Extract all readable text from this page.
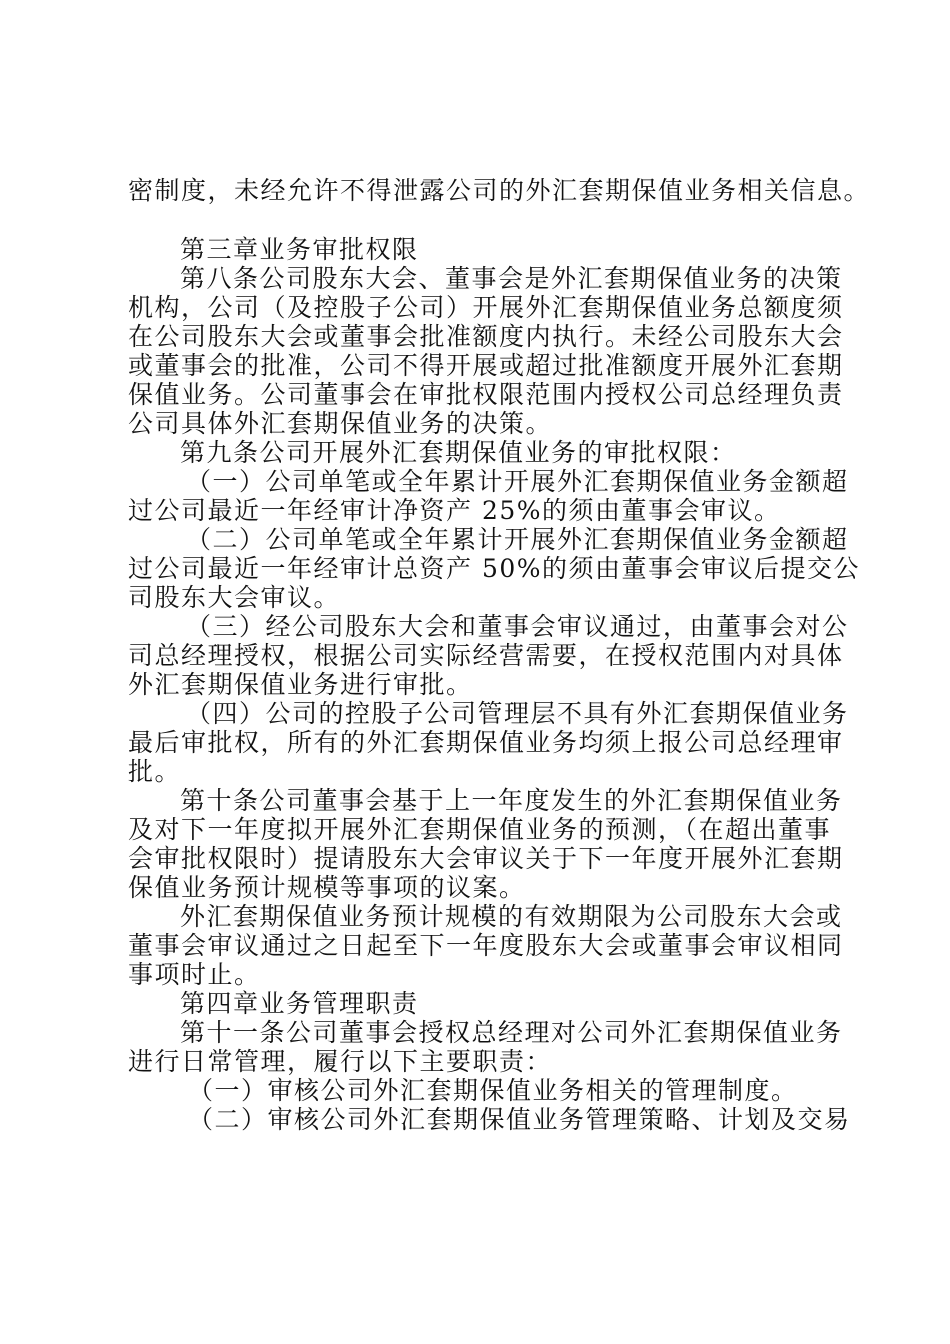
密制度，未经允许不得泄露公司的外汇套期保值业务相关信息。
第三章业务审批权限
第八条公司股东大会、董事会是外汇套期保值业务的决策
机构，公司（及控股子公司）开展外汇套期保值业务总额度须
在公司股东大会或董事会批准额度内执行。未经公司股东大会
或董事会的批准，公司不得开展或超过批准额度开展外汇套期
保值业务。公司董事会在审批权限范围内授权公司总经理负责
公司具体外汇套期保值业务的决策。
第九条公司开展外汇套期保值业务的审批权限：
（一）公司单笔或全年累计开展外汇套期保值业务金额超
过公司最近一年经审计净资产 25%的须由董事会审议。
（二）公司单笔或全年累计开展外汇套期保值业务金额超
过公司最近一年经审计总资产 50%的须由董事会审议后提交公
司股东大会审议。
（三）经公司股东大会和董事会审议通过，由董事会对公
司总经理授权，根据公司实际经营需要，在授权范围内对具体
外汇套期保值业务进行审批。
（四）公司的控股子公司管理层不具有外汇套期保值业务
最后审批权，所有的外汇套期保值业务均须上报公司总经理审
批。
第十条公司董事会基于上一年度发生的外汇套期保值业务
及对下一年度拟开展外汇套期保值业务的预测，（在超出董事
会审批权限时）提请股东大会审议关于下一年度开展外汇套期
保值业务预计规模等事项的议案。
外汇套期保值业务预计规模的有效期限为公司股东大会或
董事会审议通过之日起至下一年度股东大会或董事会审议相同
事项时止。
第四章业务管理职责
第十一条公司董事会授权总经理对公司外汇套期保值业务
进行日常管理，履行以下主要职责：
（一）审核公司外汇套期保值业务相关的管理制度。
（二）审核公司外汇套期保值业务管理策略、计划及交易
